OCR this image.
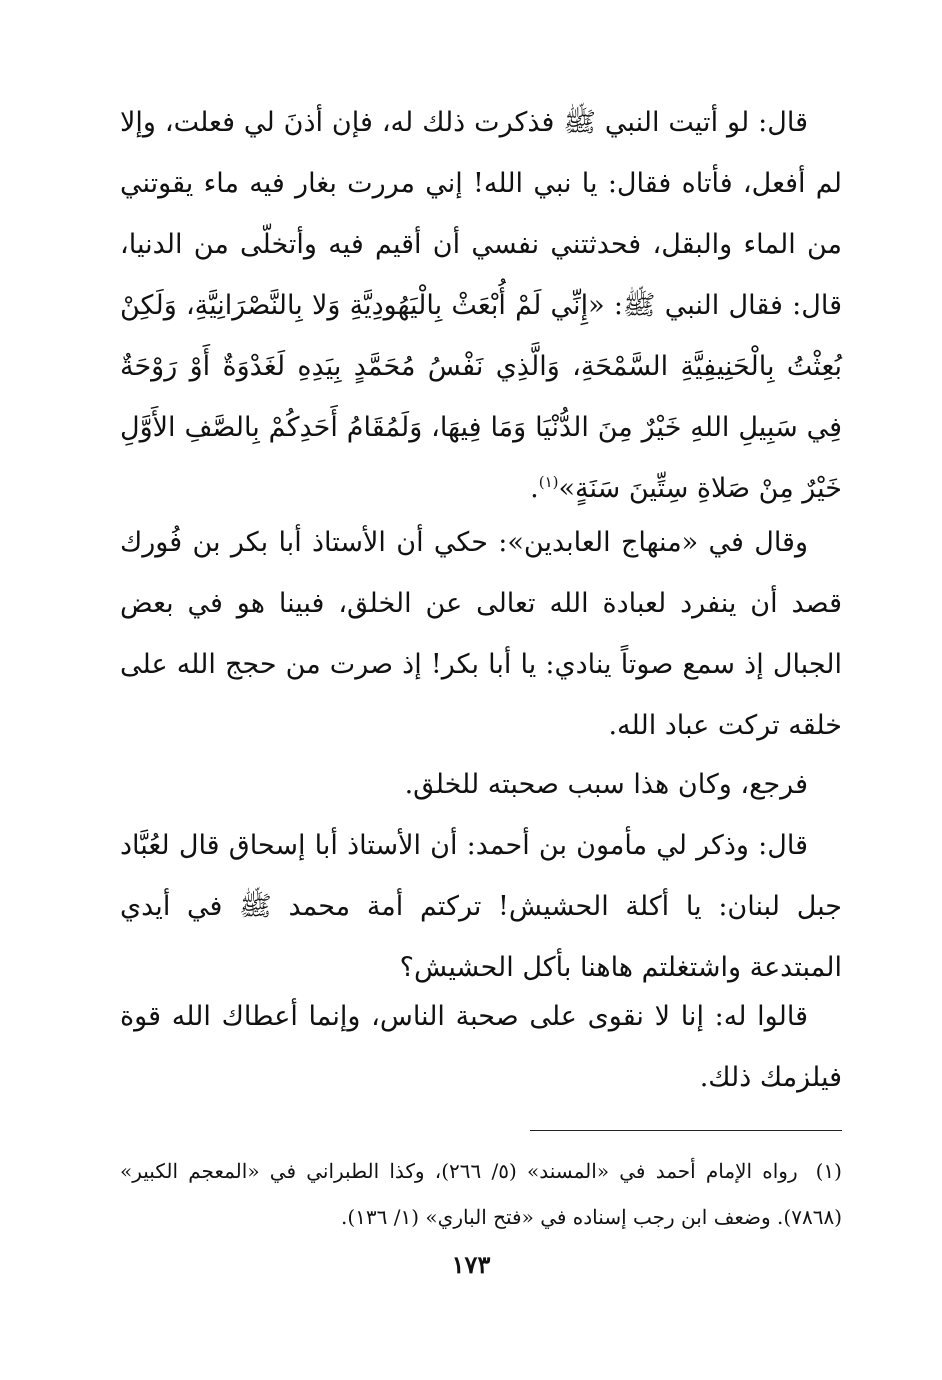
قال: لو أتيت النبي ﷺ فذكرت ذلك له، فإن أذنَ لي فعلت، وإلا لم أفعل، فأتاه فقال: يا نبي الله! إني مررت بغار فيه ماء يقوتني من الماء والبقل، فحدثتني نفسي أن أقيم فيه وأتخلّى من الدنيا، قال: فقال النبي ﷺ: «إِنِّي لَمْ أُبْعَثْ بِالْيَهُودِيَّةِ وَلا بِالنَّصْرَانِيَّةِ، وَلَكِنْ بُعِثْتُ بِالْحَنِيفِيَّةِ السَّمْحَةِ، وَالَّذِي نَفْسُ مُحَمَّدٍ بِيَدِهِ لَغَدْوَةٌ أَوْ رَوْحَةٌ فِي سَبِيلِ اللهِ خَيْرٌ مِنَ الدُّنْيَا وَمَا فِيهَا، وَلَمُقَامُ أَحَدِكُمْ بِالصَّفِ الأَوَّلِ خَيْرٌ مِنْ صَلاةِ سِتِّينَ سَنَةٍ»$^{(١)}$.

وقال في «منهاج العابدين»: حكي أن الأستاذ أبا بكر بن فُورك قصد أن ينفرد لعبادة الله تعالى عن الخلق، فبينا هو في بعض الجبال إذ سمع صوتاً ينادي: يا أبا بكر! إذ صرت من حجج الله على خلقه تركت عباد الله.

فرجع، وكان هذا سبب صحبته للخلق.

قال: وذكر لي مأمون بن أحمد: أن الأستاذ أبا إسحاق قال لعُبَّاد جبل لبنان: يا أكلة الحشيش! تركتم أمة محمد ﷺ في أيدي المبتدعة واشتغلتم هاهنا بأكل الحشيش؟

قالوا له: إنا لا نقوى على صحبة الناس، وإنما أعطاك الله قوة فيلزمك ذلك.

(١)رواه الإمام أحمد في «المسند» (٥/ ٢٦٦)، وكذا الطبراني في «المعجم الكبير» (٧٨٦٨). وضعف ابن رجب إسناده في «فتح الباري» (١/ ١٣٦).
١٧٣
